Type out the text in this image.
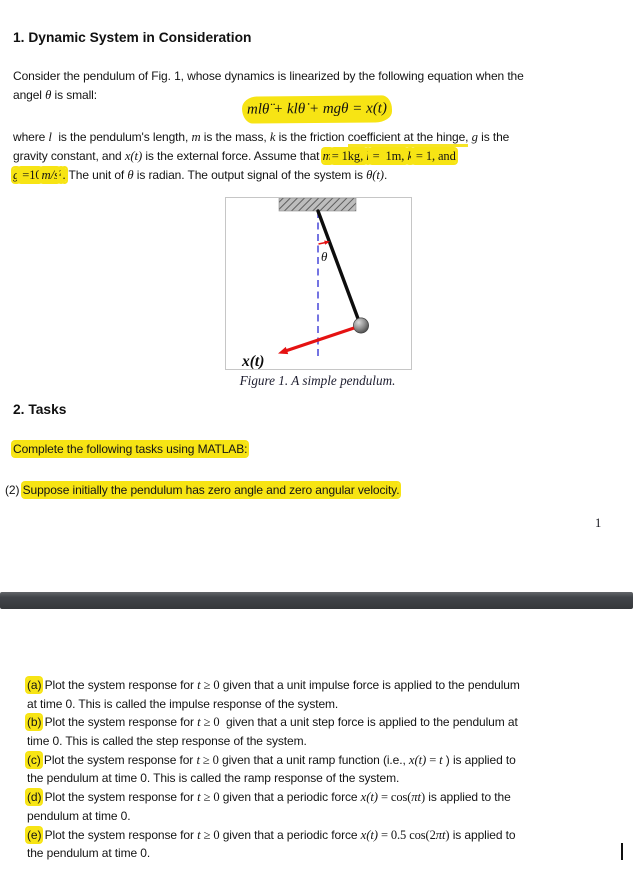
1. Dynamic System in Consideration
Consider the pendulum of Fig. 1, whose dynamics is linearized by the following equation when the
angel θ is small:
mlθ̈ + klθ̇ + mgθ = x(t)
where l  is the pendulum's length, m is the mass, k is the friction coefficient at the hinge, g is the
gravity constant, and x(t) is the external force. Assume that m= 1kg, l =  1m, k = 1, and
g =10m/s². The unit of θ is radian. The output signal of the system is θ(t).
θ
x(t)
Figure 1. A simple pendulum.
2. Tasks
Complete the following tasks using MATLAB:
(2) Suppose initially the pendulum has zero angle and zero angular velocity.
1
(a) Plot the system response for t ≥ 0 given that a unit impulse force is applied to the pendulum
at time 0. This is called the impulse response of the system.
(b) Plot the system response for t ≥ 0  given that a unit step force is applied to the pendulum at
time 0. This is called the step response of the system.
(c) Plot the system response for t ≥ 0 given that a unit ramp function (i.e., x(t) = t ) is applied to
the pendulum at time 0. This is called the ramp response of the system.
(d) Plot the system response for t ≥ 0 given that a periodic force x(t) = cos(πt) is applied to the
pendulum at time 0.
(e) Plot the system response for t ≥ 0 given that a periodic force x(t) = 0.5 cos(2πt) is applied to
the pendulum at time 0.
